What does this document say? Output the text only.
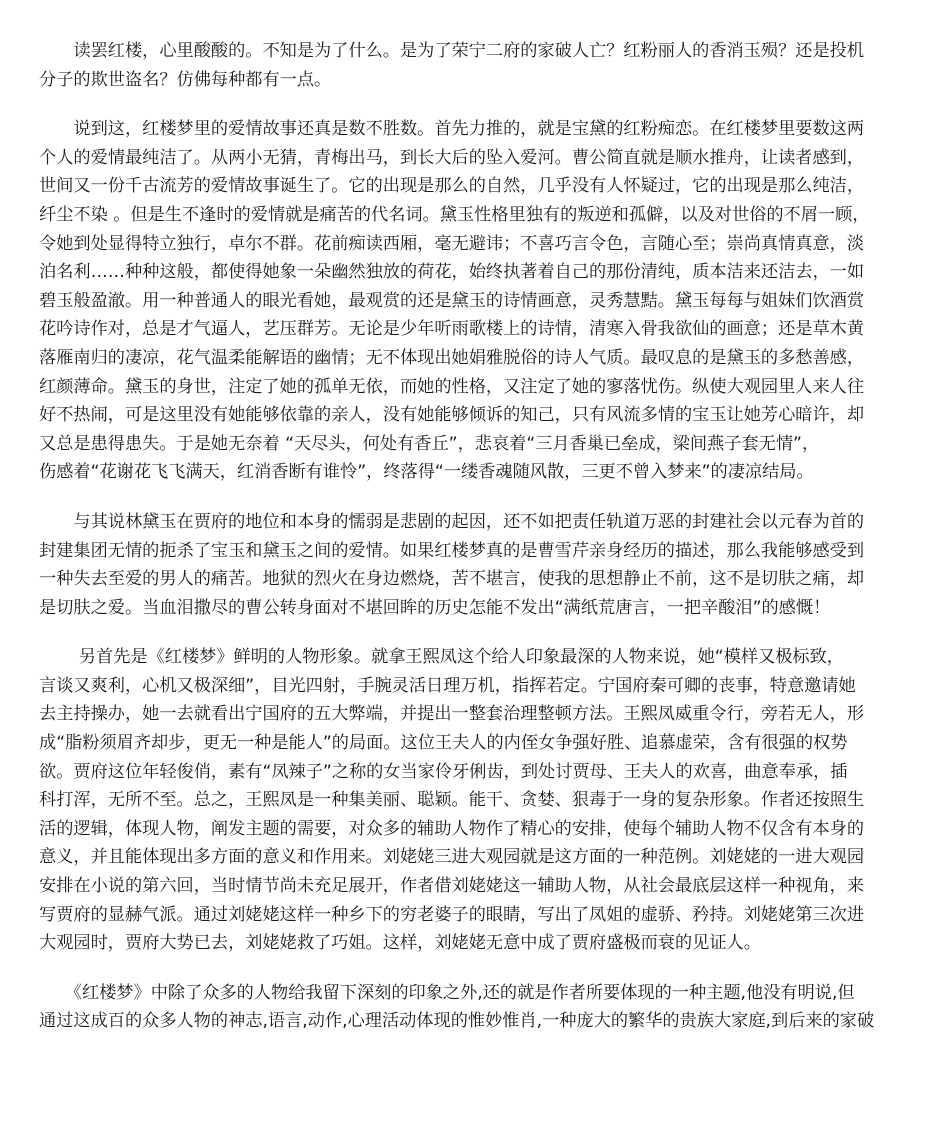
　　读罢红楼，心里酸酸的。不知是为了什么。是为了荣宁二府的家破人亡？红粉丽人的香消玉殒？还是投机
分子的欺世盗名？仿佛每种都有一点。

　　说到这，红楼梦里的爱情故事还真是数不胜数。首先力推的，就是宝黛的红粉痴恋。在红楼梦里要数这两
个人的爱情最纯洁了。从两小无猜，青梅出马，到长大后的坠入爱河。曹公简直就是顺水推舟，让读者感到，
世间又一份千古流芳的爱情故事诞生了。它的出现是那么的自然，几乎没有人怀疑过，它的出现是那么纯洁，
纤尘不染 。但是生不逢时的爱情就是痛苦的代名词。黛玉性格里独有的叛逆和孤僻，以及对世俗的不屑一顾，
令她到处显得特立独行，卓尔不群。花前痴读西厢，毫无避讳；不喜巧言令色，言随心至；崇尚真情真意，淡
泊名利……种种这般，都使得她象一朵幽然独放的荷花，始终执著着自己的那份清纯，质本洁来还洁去，一如
碧玉般盈澈。用一种普通人的眼光看她，最观赏的还是黛玉的诗情画意，灵秀慧黠。黛玉每每与姐妹们饮酒赏
花吟诗作对，总是才气逼人，艺压群芳。无论是少年听雨歌楼上的诗情，清寒入骨我欲仙的画意；还是草木黄
落雁南归的凄凉，花气温柔能解语的幽情；无不体现出她娟雅脱俗的诗人气质。最叹息的是黛玉的多愁善感，
红颜薄命。黛玉的身世，注定了她的孤单无依，而她的性格，又注定了她的寥落忧伤。纵使大观园里人来人往
好不热闹，可是这里没有她能够依靠的亲人，没有她能够倾诉的知己，只有风流多情的宝玉让她芳心暗许，却
又总是患得患失。于是她无奈着 “天尽头，何处有香丘”，悲哀着“三月香巢已垒成，梁间燕子套无情”，
伤感着“花谢花飞飞满天，红消香断有谁怜”，终落得“一缕香魂随风散，三更不曾入梦来”的凄凉结局。

　　与其说林黛玉在贾府的地位和本身的懦弱是悲剧的起因，还不如把责任轨道万恶的封建社会以元春为首的
封建集团无情的扼杀了宝玉和黛玉之间的爱情。如果红楼梦真的是曹雪芹亲身经历的描述，那么我能够感受到
一种失去至爱的男人的痛苦。地狱的烈火在身边燃烧，苦不堪言，使我的思想静止不前，这不是切肤之痛，却
是切肤之爱。当血泪撒尽的曹公转身面对不堪回眸的历史怎能不发出“满纸荒唐言，一把辛酸泪”的感慨！

　　 另首先是《红楼梦》鲜明的人物形象。就拿王熙凤这个给人印象最深的人物来说，她“模样又极标致，
言谈又爽利，心机又极深细”，目光四射，手腕灵活日理万机，指挥若定。宁国府秦可卿的丧事，特意邀请她
去主持操办，她一去就看出宁国府的五大弊端，并提出一整套治理整顿方法。王熙凤威重令行，旁若无人，形
成“脂粉须眉齐却步，更无一种是能人”的局面。这位王夫人的内侄女争强好胜、追慕虚荣，含有很强的权势
欲。贾府这位年轻俊俏，素有“凤辣子”之称的女当家伶牙俐齿，到处讨贾母、王夫人的欢喜，曲意奉承，插
科打浑，无所不至。总之，王熙凤是一种集美丽、聪颖。能干、贪婪、狠毒于一身的复杂形象。作者还按照生
活的逻辑，体现人物，阐发主题的需要，对众多的辅助人物作了精心的安排，使每个辅助人物不仅含有本身的
意义，并且能体现出多方面的意义和作用来。刘姥姥三进大观园就是这方面的一种范例。刘姥姥的一进大观园
安排在小说的第六回，当时情节尚未充足展开，作者借刘姥姥这一辅助人物，从社会最底层这样一种视角，来
写贾府的显赫气派。通过刘姥姥这样一种乡下的穷老婆子的眼睛，写出了凤姐的虚骄、矜持。刘姥姥第三次进
大观园时，贾府大势已去，刘姥姥救了巧姐。这样，刘姥姥无意中成了贾府盛极而衰的见证人。

　　《红楼梦》中除了众多的人物给我留下深刻的印象之外,还的就是作者所要体现的一种主题,他没有明说,但
通过这成百的众多人物的神志,语言,动作,心理活动体现的惟妙惟肖,一种庞大的繁华的贵族大家庭,到后来的家破
